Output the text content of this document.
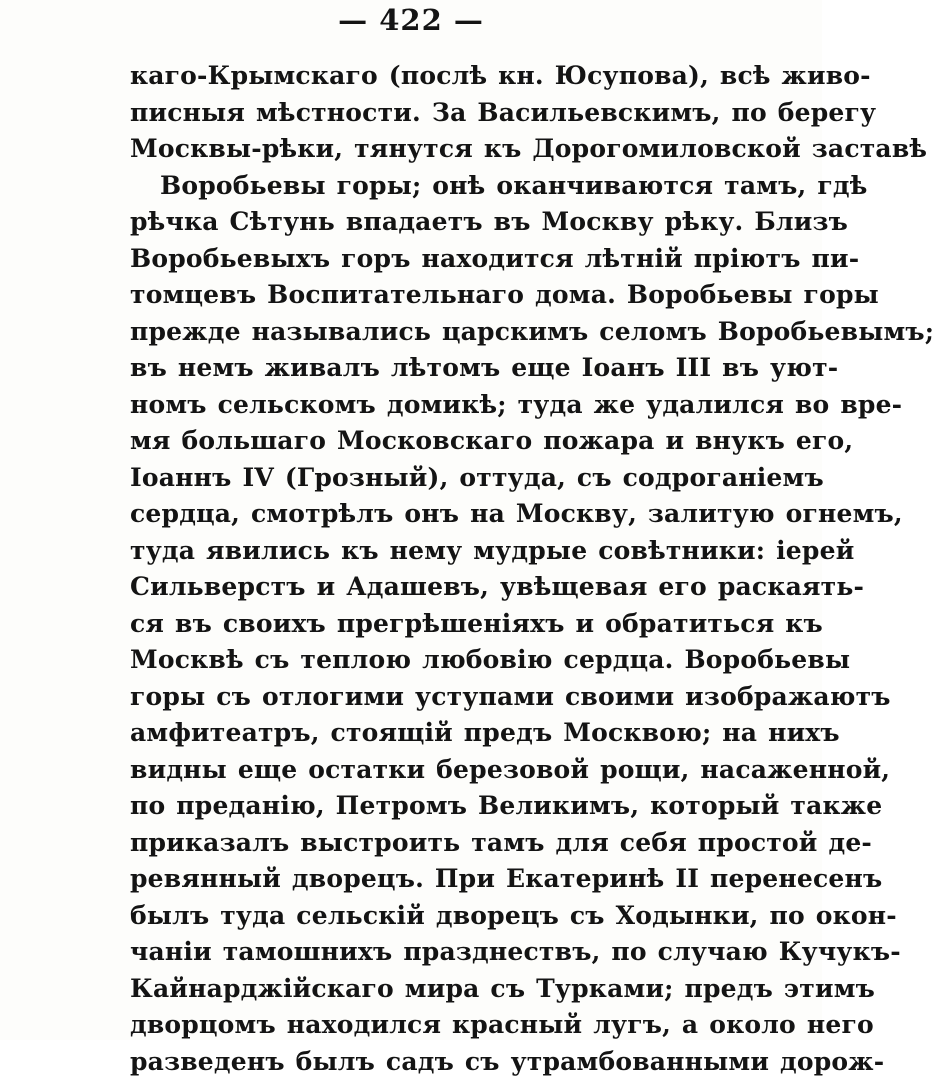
— 422 —
каго-Крымскаго (послѣ кн. Юсупова), всѣ живо-
писныя мѣстности. За Васильевскимъ, по берегу
Москвы-рѣки, тянутся къ Дорогомиловской заставѣ
Воробьевы горы; онѣ оканчиваются тамъ, гдѣ
рѣчка Сѣтунь впадаетъ въ Москву рѣку. Близъ
Воробьевыхъ горъ находится лѣтній пріютъ пи-
томцевъ Воспитательнаго дома. Воробьевы горы
прежде назывались царскимъ селомъ Воробьевымъ;
въ немъ живалъ лѣтомъ еще Іоанъ III въ уют-
номъ сельскомъ домикѣ; туда же удалился во вре-
мя большаго Московскаго пожара и внукъ его,
Іоаннъ IV (Грозный), оттуда, съ содроганіемъ
сердца, смотрѣлъ онъ на Москву, залитую огнемъ,
туда явились къ нему мудрые совѣтники: іерей
Сильверстъ и Адашевъ, увѣщевая его раскаять-
ся въ своихъ прегрѣшеніяхъ и обратиться къ
Москвѣ съ теплою любовію сердца. Воробьевы
горы съ отлогими уступами своими изображаютъ
амфитеатръ, стоящій предъ Москвою; на нихъ
видны еще остатки березовой рощи, насаженной,
по преданію, Петромъ Великимъ, который также
приказалъ выстроить тамъ для себя простой де-
ревянный дворецъ. При Екатеринѣ II перенесенъ
былъ туда сельскій дворецъ съ Ходынки, по окон-
чаніи тамошнихъ празднествъ, по случаю Кучукъ-
Кайнарджійскаго мира съ Турками; предъ этимъ
дворцомъ находился красный лугъ, а около него
разведенъ былъ садъ съ утрамбованными дорож-
